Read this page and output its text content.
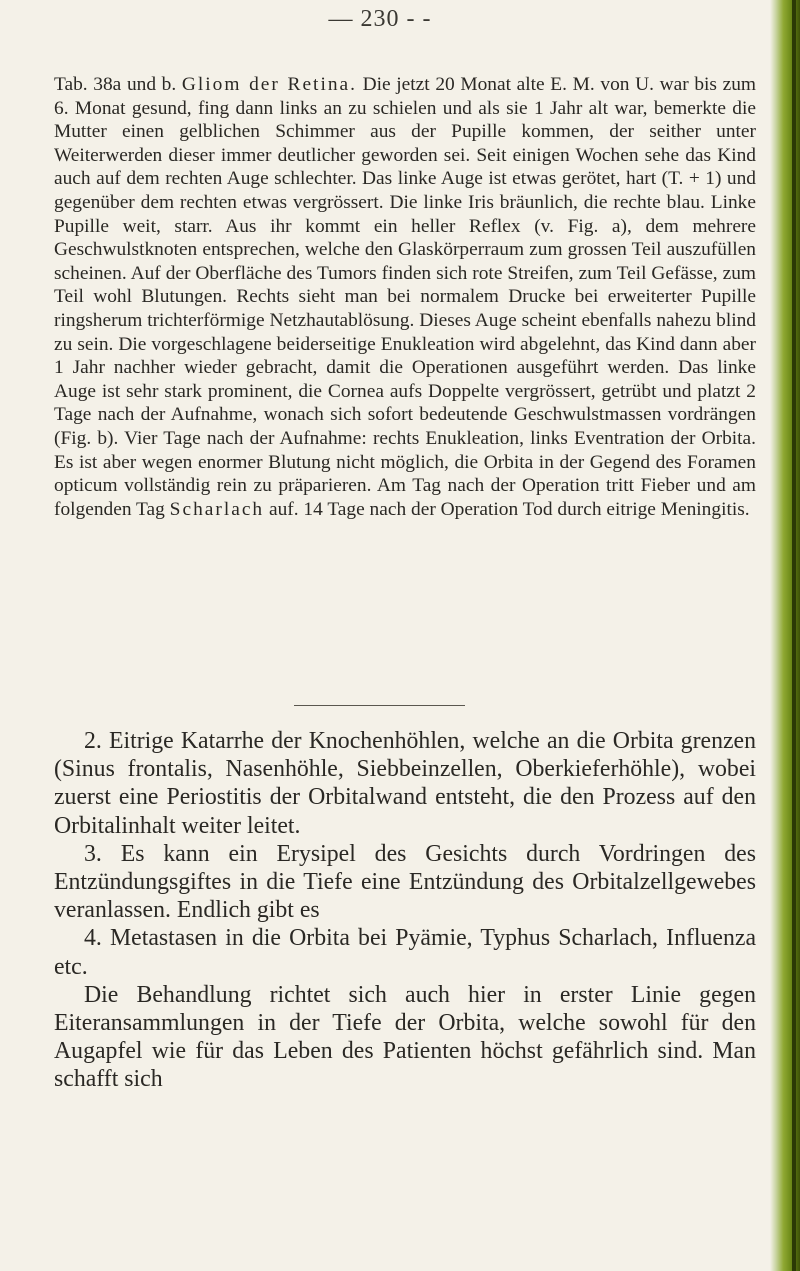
— 230 - -

Tab. 38a und b. Gliom der Retina. Die jetzt 20 Monat alte E. M. von U. war bis zum 6. Monat gesund, fing dann links an zu schielen und als sie 1 Jahr alt war, bemerkte die Mutter einen gelblichen Schimmer aus der Pupille kommen, der seither unter Weiterwerden dieser immer deutlicher geworden sei. Seit einigen Wochen sehe das Kind auch auf dem rechten Auge schlechter. Das linke Auge ist etwas gerötet, hart (T. + 1) und gegenüber dem rechten etwas vergrössert. Die linke Iris bräunlich, die rechte blau. Linke Pupille weit, starr. Aus ihr kommt ein heller Reflex (v. Fig. a), dem mehrere Geschwulstknoten entsprechen, welche den Glaskörperraum zum grossen Teil auszufüllen scheinen. Auf der Oberfläche des Tumors finden sich rote Streifen, zum Teil Gefässe, zum Teil wohl Blutungen. Rechts sieht man bei normalem Drucke bei erweiterter Pupille ringsherum trichterförmige Netzhautablösung. Dieses Auge scheint ebenfalls nahezu blind zu sein. Die vorgeschlagene beiderseitige Enukleation wird abgelehnt, das Kind dann aber 1 Jahr nachher wieder gebracht, damit die Operationen ausgeführt werden. Das linke Auge ist sehr stark prominent, die Cornea aufs Doppelte vergrössert, getrübt und platzt 2 Tage nach der Aufnahme, wonach sich sofort bedeutende Geschwulstmassen vordrängen (Fig. b). Vier Tage nach der Aufnahme: rechts Enukleation, links Eventration der Orbita. Es ist aber wegen enormer Blutung nicht möglich, die Orbita in der Gegend des Foramen opticum vollständig rein zu präparieren. Am Tag nach der Operation tritt Fieber und am folgenden Tag Scharlach auf. 14 Tage nach der Operation Tod durch eitrige Meningitis.

2. Eitrige Katarrhe der Knochenhöhlen, welche an die Orbita grenzen (Sinus frontalis, Nasenhöhle, Siebbeinzellen, Oberkieferhöhle), wobei zuerst eine Periostitis der Orbitalwand entsteht, die den Prozess auf den Orbitalinhalt weiter leitet.

3. Es kann ein Erysipel des Gesichts durch Vordringen des Entzündungsgiftes in die Tiefe eine Entzündung des Orbitalzellgewebes veranlassen. Endlich gibt es

4. Metastasen in die Orbita bei Pyämie, Typhus Scharlach, Influenza etc.

Die Behandlung richtet sich auch hier in erster Linie gegen Eiteransammlungen in der Tiefe der Orbita, welche sowohl für den Augapfel wie für das Leben des Patienten höchst gefährlich sind. Man schafft sich
